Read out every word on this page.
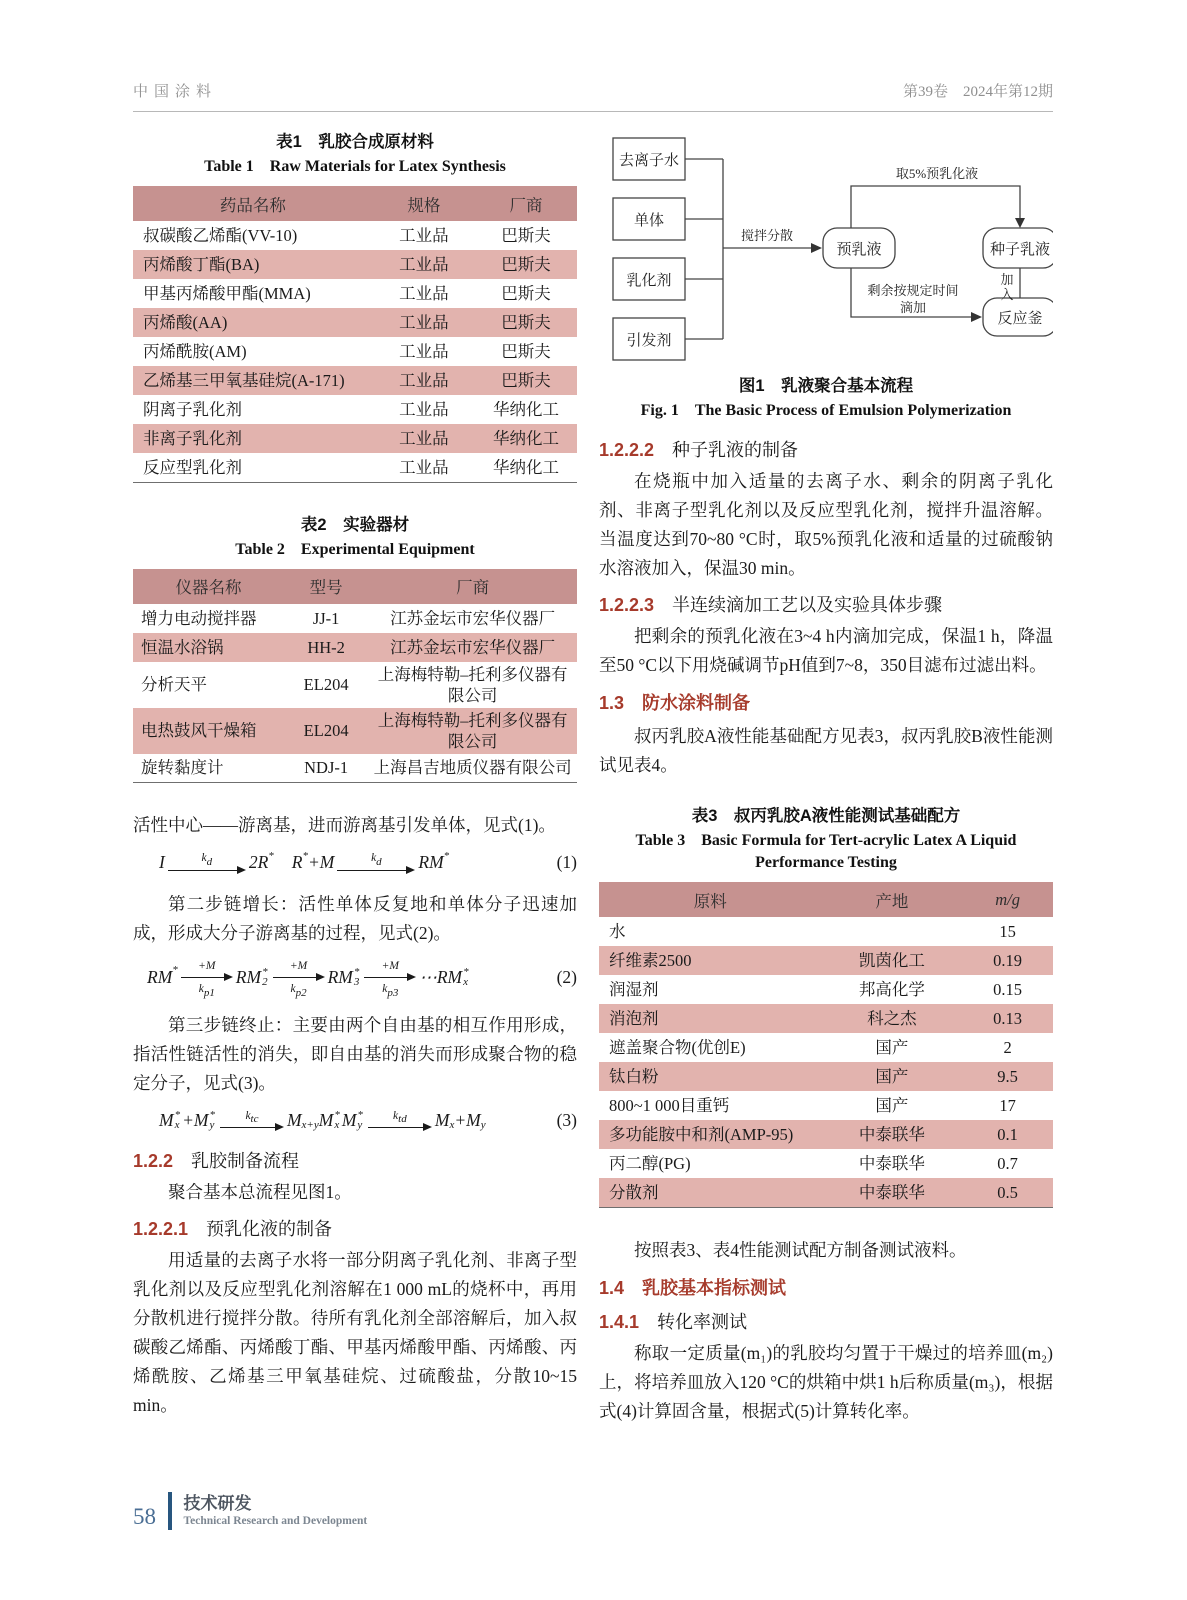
中国涂料	第39卷　2024年第12期
表1　乳胶合成原材料
Table 1　Raw Materials for Latex Synthesis
药品名称	规格	厂商
叔碳酸乙烯酯(VV-10)	工业品	巴斯夫
丙烯酸丁酯(BA)	工业品	巴斯夫
甲基丙烯酸甲酯(MMA)	工业品	巴斯夫
丙烯酸(AA)	工业品	巴斯夫
丙烯酰胺(AM)	工业品	巴斯夫
乙烯基三甲氧基硅烷(A-171)	工业品	巴斯夫
阴离子乳化剂	工业品	华纳化工
非离子乳化剂	工业品	华纳化工
反应型乳化剂	工业品	华纳化工
表2　实验器材
Table 2　Experimental Equipment
仪器名称	型号	厂商
增力电动搅拌器	JJ-1	江苏金坛市宏华仪器厂
恒温水浴锅	HH-2	江苏金坛市宏华仪器厂
分析天平	EL204	上海梅特勒–托利多仪器有限公司
电热鼓风干燥箱	EL204	上海梅特勒–托利多仪器有限公司
旋转黏度计	NDJ-1	上海昌吉地质仪器有限公司

活性中心——游离基，进而游离基引发单体，见式(1)。

I	k d 2R * R * +M	k d RM *	(1)

第二步链增长：活性单体反复地和单体分子迅速加成，形成大分子游离基的过程，见式(2)。

RM * +M
k p1
RM *
2
+M
k p2
RM *
3
+M
k p3
⋯RM *
x	(2)

第三步链终止：主要由两个自由基的相互作用形成，指活性链活性的消失，即自由基的消失而形成聚合物的稳定分子，见式(3)。

M *
x + M *
y
k tc M x+y M *
x M *
y
k td M x + M y	(3)
1.2.2 乳胶制备流程

聚合基本总流程见图1。

1.2.2.1 预乳化液的制备

用适量的去离子水将一部分阴离子乳化剂、非离子型乳化剂以及反应型乳化剂溶解在1 000 mL的烧杯中，再用分散机进行搅拌分散。待所有乳化剂全部溶解后，加入叔碳酸乙烯酯、丙烯酸丁酯、甲基丙烯酸甲酯、丙烯酸、丙烯酰胺、乙烯基三甲氧基硅烷、过硫酸盐，分散10~15 min。

去离子水
单体
乳化剂
引发剂
预乳液	种子乳液
反应釜
搅拌分散
取5%预乳化液
剩余按规定时间
滴加
加
入
图1　乳液聚合基本流程
Fig. 1　The Basic Process of Emulsion Polymerization
1.2.2.2 种子乳液的制备

在烧瓶中加入适量的去离子水、剩余的阴离子乳化剂、非离子型乳化剂以及反应型乳化剂，搅拌升温溶解。当温度达到70~80 °C时，取5%预乳化液和适量的过硫酸钠水溶液加入，保温30 min。

1.2.2.3 半连续滴加工艺以及实验具体步骤

把剩余的预乳化液在3~4 h内滴加完成，保温1 h，降温至50 °C以下用烧碱调节pH值到7~8，350目滤布过滤出料。

1.3 防水涂料制备

叔丙乳胶A液性能基础配方见表3，叔丙乳胶B液性能测试见表4。

表3　叔丙乳胶A液性能测试基础配方
Table 3　Basic Formula for Tert-acrylic Latex A Liquid
Performance Testing
原料	产地	m/g
水		15
纤维素2500	凯茵化工	0.19
润湿剂	邦高化学	0.15
消泡剂	科之杰	0.13
遮盖聚合物(优创E)	国产	2
钛白粉	国产	9.5
800~1 000目重钙	国产	17
多功能胺中和剂(AMP-95)	中泰联华	0.1
丙二醇(PG)	中泰联华	0.7
分散剂	中泰联华	0.5

按照表3、表4性能测试配方制备测试液料。

1.4 乳胶基本指标测试
1.4.1 转化率测试

称取一定质量(m₁)的乳胶均匀置于干燥过的培养皿(m₂)上，将培养皿放入120 °C的烘箱中烘1 h后称质量(m₃)，根据式(4)计算固含量，根据式(5)计算转化率。

58
技术研发
Technical Research and Development
